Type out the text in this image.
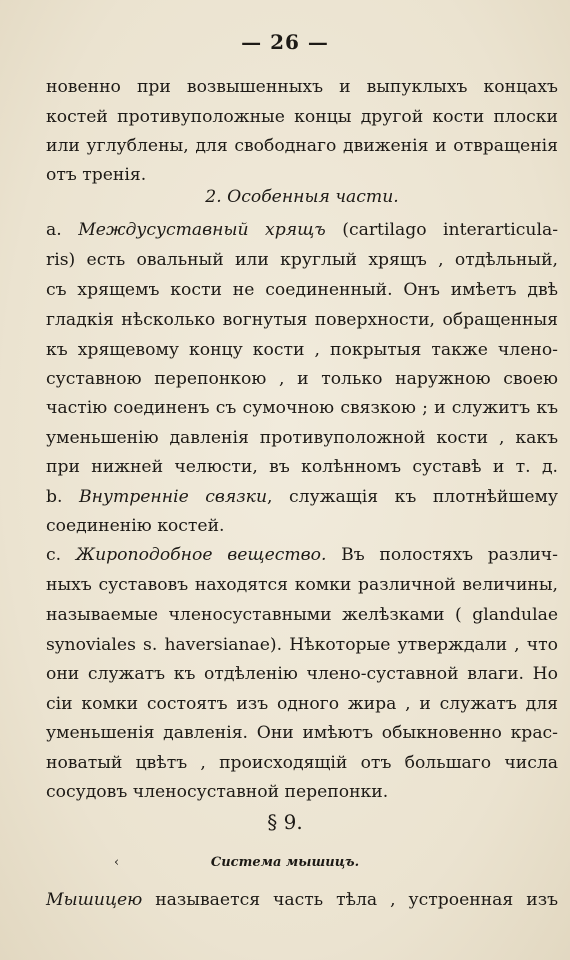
— 26 —
новенно при возвышенныхъ и выпуклыхъ концахъ
костей противуположные концы другой кости плоски
или углублены, для свободнаго движенія и отвращенія
отъ тренія.
2. Особенныя части.
a. Междусуставный хрящъ (cartilago interarticula-
ris) есть овальный или круглый хрящъ , отдѣльный,
съ хрящемъ кости не соединенный. Онъ имѣетъ двѣ
гладкія нѣсколько вогнутыя поверхности, обращенныя
къ хрящевому концу кости , покрытыя также члено-
суставною перепонкою , и только наружною своею
частію соединенъ съ сумочною связкою ; и служитъ къ
уменьшенію давленія противуположной кости , какъ
при нижней челюсти, въ колѣнномъ суставѣ и т. д.
b. Внутренніе связки, служащія къ плотнѣйшему
соединенію костей.
c. Жироподобное вещество. Въ полостяхъ различ-
ныхъ суставовъ находятся комки различной величины,
называемые членосуставными желѣзками ( glandulae
synoviales s. haversianae). Нѣкоторые утверждали , что
они служатъ къ отдѣленію члено-суставной влаги. Но
сіи комки состоятъ изъ одного жира , и служатъ для
уменьшенія давленія. Они имѣютъ обыкновенно крас-
новатый цвѣтъ , происходящій отъ большаго числа
сосудовъ членосуставной перепонки.
§ 9.
‹	Система мышицъ.
Мышицею называется часть тѣла , устроенная изъ
